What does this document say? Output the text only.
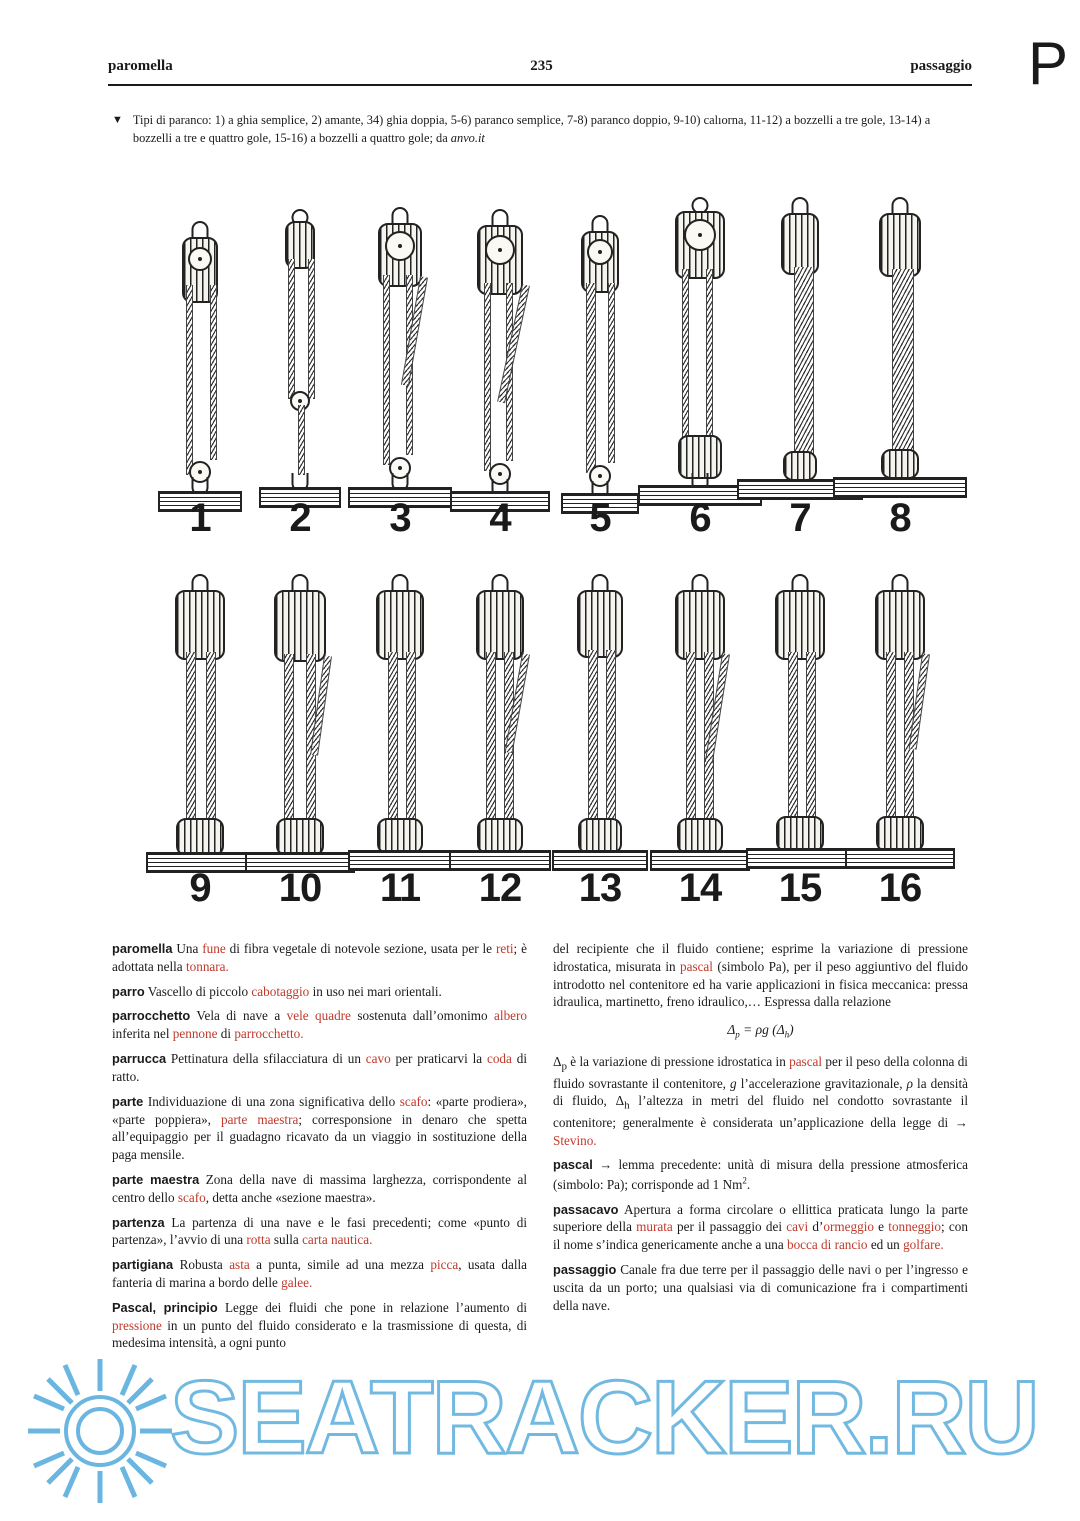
paromella	235	passaggio P
▼ Tipi di paranco: 1) a ghia semplice, 2) amante, 34) ghia doppia, 5-6) paranco semplice, 7-8) paranco doppio, 9-10) calıorna, 11-12) a bozzelli a tre gole, 13-14) a bozzelli a tre e quattro gole, 15-16) a bozzelli a quattro gole; da anvo.it
1	2	3	4	5	6	7	8
9	10	11	12	13	14	15	16
paromella Una fune di fibra vegetale di notevole sezione, usata per le reti; è adottata nella tonnara.
parro Vascello di piccolo cabotaggio in uso nei mari orientali.
parrocchetto Vela di nave a vele quadre sostenuta dall’omonimo albero inferita nel pennone di parrocchetto.
parrucca Pettinatura della sfilacciatura di un cavo per praticarvi la coda di ratto.
parte Individuazione di una zona significativa dello scafo: «parte prodiera», «parte poppiera», parte maestra; corresponsione in denaro che spetta all’equipaggio per il guadagno ricavato da un viaggio in sostituzione della paga mensile.
parte maestra Zona della nave di massima larghezza, corrispondente al centro dello scafo, detta anche «sezione maestra».
partenza La partenza di una nave e le fasi precedenti; come «punto di partenza», l’avvio di una rotta sulla carta nautica.
partigiana Robusta asta a punta, simile ad una mezza picca, usata dalla fanteria di marina a bordo delle galee.
Pascal, principio Legge dei fluidi che pone in relazione l’aumento di pressione in un punto del fluido considerato e la trasmissione di questa, di medesima intensità, a ogni punto
del recipiente che il fluido contiene; esprime la variazione di pressione idrostatica, misurata in pascal (simbolo Pa), per il peso aggiuntivo del fluido introdotto nel contenitore ed ha varie applicazioni in fisica meccanica: pressa idraulica, martinetto, freno idraulico,… Espressa dalla relazione
$\Delta_p = \rho g$ $(\Delta_h)$
$\Delta_p$ è la variazione di pressione idrostatica in pascal per il peso della colonna di fluido sovrastante il contenitore, g l’accelerazione gravitazionale, ρ la densità di fluido, $\Delta_h$ l’altezza in metri del fluido nel condotto sovrastante il contenitore; generalmente è considerata un’applicazione della legge di → Stevino.
pascal → lemma precedente: unità di misura della pressione atmosferica (simbolo: Pa); corrisponde ad 1 Nm$^2$.
passacavo Apertura a forma circolare o ellittica praticata lungo la parte superiore della murata per il passaggio dei cavi d’ormeggio e tonneggio; con il nome s’indica genericamente anche a una bocca di rancio ed un golfare.
passaggio Canale fra due terre per il passaggio delle navi o per l’ingresso e uscita da un porto; una qualsiasi via di comunicazione fra i compartimenti della nave.
SEATRACKER.RU
